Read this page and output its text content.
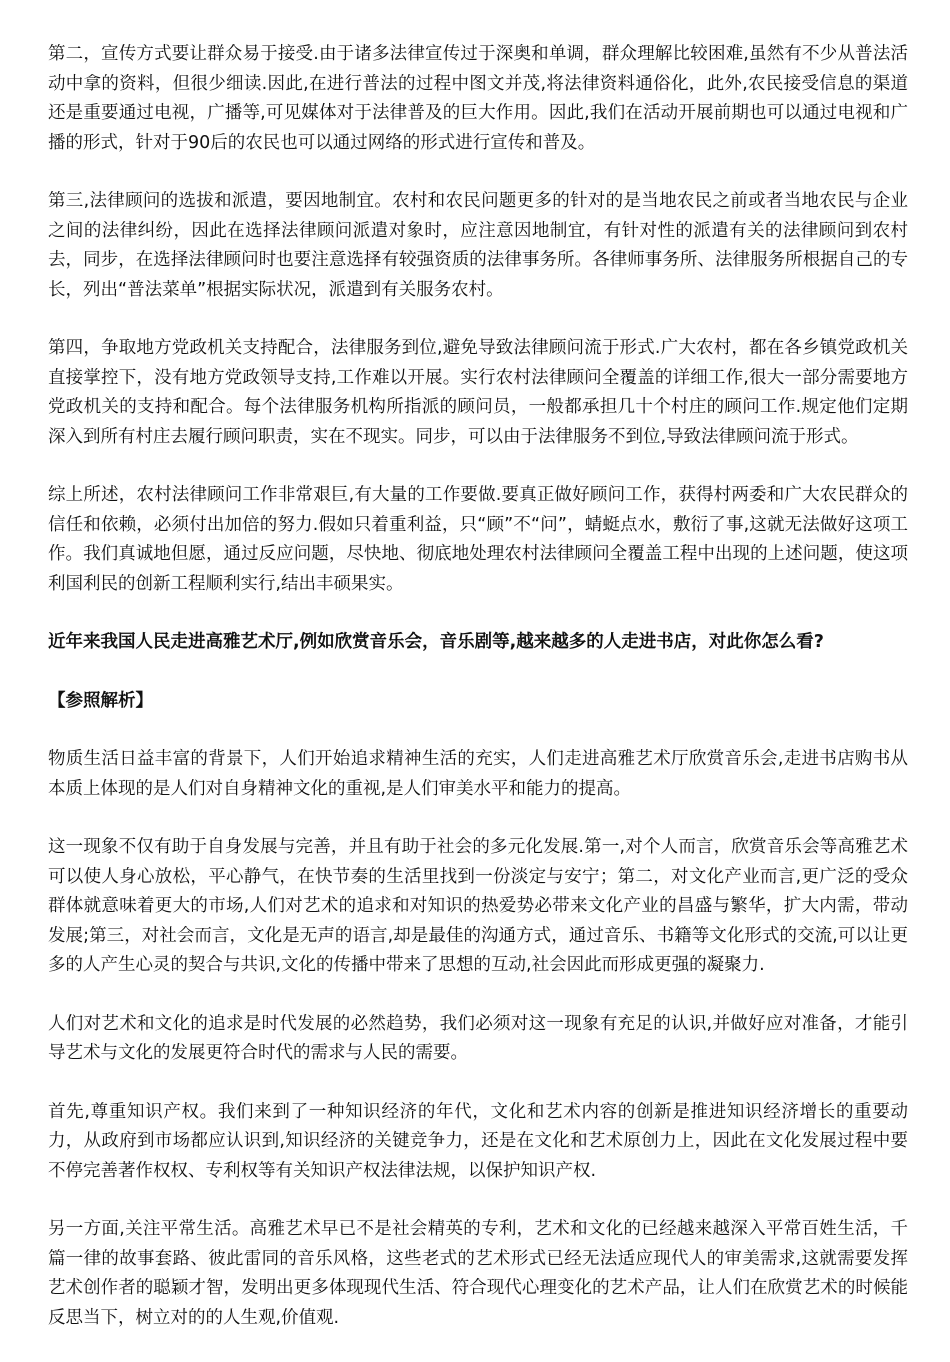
第二，宣传方式要让群众易于接受.由于诸多法律宣传过于深奥和单调，群众理解比较困难,虽然有不少从普法活动中拿的资料，但很少细读.因此,在进行普法的过程中图文并茂,将法律资料通俗化，此外,农民接受信息的渠道还是重要通过电视，广播等,可见媒体对于法律普及的巨大作用。因此,我们在活动开展前期也可以通过电视和广播的形式，针对于90后的农民也可以通过网络的形式进行宣传和普及。

第三,法律顾问的选拔和派遣，要因地制宜。农村和农民问题更多的针对的是当地农民之前或者当地农民与企业之间的法律纠纷，因此在选择法律顾问派遣对象时，应注意因地制宜，有针对性的派遣有关的法律顾问到农村去，同步，在选择法律顾问时也要注意选择有较强资质的法律事务所。各律师事务所、法律服务所根据自己的专长，列出“普法菜单”根据实际状况，派遣到有关服务农村。

第四，争取地方党政机关支持配合，法律服务到位,避免导致法律顾问流于形式.广大农村，都在各乡镇党政机关直接掌控下，没有地方党政领导支持,工作难以开展。实行农村法律顾问全覆盖的详细工作,很大一部分需要地方党政机关的支持和配合。每个法律服务机构所指派的顾问员，一般都承担几十个村庄的顾问工作.规定他们定期深入到所有村庄去履行顾问职责，实在不现实。同步，可以由于法律服务不到位,导致法律顾问流于形式。

综上所述，农村法律顾问工作非常艰巨,有大量的工作要做.要真正做好顾问工作，获得村两委和广大农民群众的信任和依赖，必须付出加倍的努力.假如只着重利益，只“顾”不“问”，蜻蜓点水，敷衍了事,这就无法做好这项工作。我们真诚地但愿，通过反应问题，尽快地、彻底地处理农村法律顾问全覆盖工程中出现的上述问题，使这项利国利民的创新工程顺利实行,结出丰硕果实。

近年来我国人民走进高雅艺术厅,例如欣赏音乐会，音乐剧等,越来越多的人走进书店，对此你怎么看?

【参照解析】

物质生活日益丰富的背景下，人们开始追求精神生活的充实，人们走进高雅艺术厅欣赏音乐会,走进书店购书从本质上体现的是人们对自身精神文化的重视,是人们审美水平和能力的提高。

这一现象不仅有助于自身发展与完善，并且有助于社会的多元化发展.第一,对个人而言，欣赏音乐会等高雅艺术可以使人身心放松，平心静气，在快节奏的生活里找到一份淡定与安宁；第二，对文化产业而言,更广泛的受众群体就意味着更大的市场,人们对艺术的追求和对知识的热爱势必带来文化产业的昌盛与繁华，扩大内需，带动发展;第三，对社会而言，文化是无声的语言,却是最佳的沟通方式，通过音乐、书籍等文化形式的交流,可以让更多的人产生心灵的契合与共识,文化的传播中带来了思想的互动,社会因此而形成更强的凝聚力.

人们对艺术和文化的追求是时代发展的必然趋势，我们必须对这一现象有充足的认识,并做好应对准备，才能引导艺术与文化的发展更符合时代的需求与人民的需要。

首先,尊重知识产权。我们来到了一种知识经济的年代，文化和艺术内容的创新是推进知识经济增长的重要动力，从政府到市场都应认识到,知识经济的关键竞争力，还是在文化和艺术原创力上，因此在文化发展过程中要不停完善著作权权、专利权等有关知识产权法律法规，以保护知识产权.

另一方面,关注平常生活。高雅艺术早已不是社会精英的专利，艺术和文化的已经越来越深入平常百姓生活，千篇一律的故事套路、彼此雷同的音乐风格，这些老式的艺术形式已经无法适应现代人的审美需求,这就需要发挥艺术创作者的聪颖才智，发明出更多体现现代生活、符合现代心理变化的艺术产品，让人们在欣赏艺术的时候能反思当下，树立对的的人生观,价值观.
